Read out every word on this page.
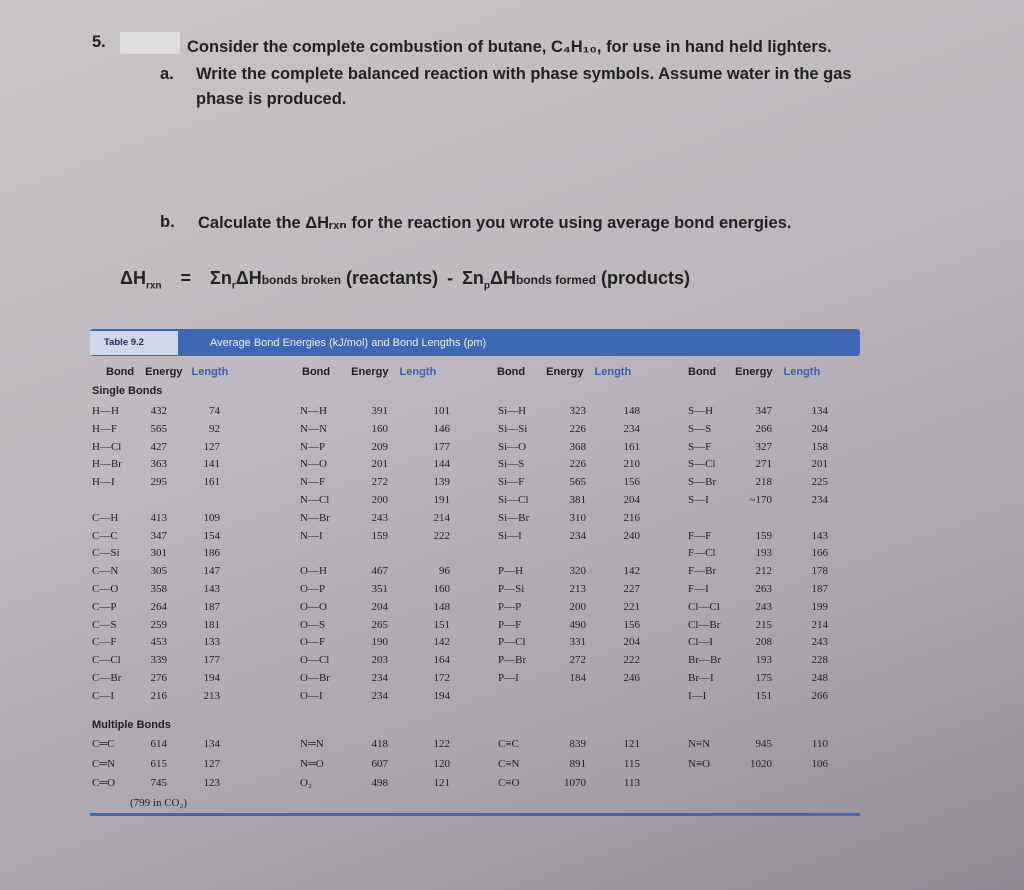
5.	Consider the complete combustion of butane, C₄H₁₀, for use in hand held lighters.
a. Write the complete balanced reaction with phase symbols. Assume water in the gas
phase is produced.
b. Calculate the ΔHᵣₓₙ for the reaction you wrote using average bond energies.
$\Delta H_{rxn}$ = $\Sigma n_r\Delta Hbonds$ broken (reactants) - $\Sigma n_p\Delta Hbonds$ formed (products)
Table 9.2	Average Bond Energies (kJ/mol) and Bond Lengths (pm)
Bond Energy Length	Bond Energy Length	Bond Energy Length	Bond Energy Length
Single Bonds
Multiple Bonds
(799 in CO₂)
H—H	432	74
H—F	565	92
H—Cl	427	127
H—Br	363	141
H—I	295	161
C—H	413	109
C—C	347	154
C—Si	301	186
C—N	305	147
C—O	358	143
C—P	264	187
C—S	259	181
C—F	453	133
C—Cl	339	177
C—Br	276	194
C—I	216	213
C═C	614	134
C═N	615	127
C═O	745	123
N—H	391	101
N—N	160	146
N—P	209	177
N—O	201	144
N—F	272	139
N—Cl	200	191
N—Br	243	214
N—I	159	222
O—H	467	96
O—P	351	160
O—O	204	148
O—S	265	151
O—F	190	142
O—Cl	203	164
O—Br	234	172
O—I	234	194
N═N	418	122
N═O	607	120
O₂	498	121
Si—H	323	148
Si—Si	226	234
Si—O	368	161
Si—S	226	210
Si—F	565	156
Si—Cl	381	204
Si—Br	310	216
Si—I	234	240
P—H	320	142
P—Si	213	227
P—P	200	221
P—F	490	156
P—Cl	331	204
P—Br	272	222
P—I	184	246
C≡C	839	121
C≡N	891	115
C≡O	1070	113
S—H	347	134
S—S	266	204
S—F	327	158
S—Cl	271	201
S—Br	218	225
S—I	~170	234
F—F	159	143
F—Cl	193	166
F—Br	212	178
F—I	263	187
Cl—Cl	243	199
Cl—Br	215	214
Cl—I	208	243
Br—Br	193	228
Br—I	175	248
I—I	151	266
N≡N	945	110
N≡O	1020	106
